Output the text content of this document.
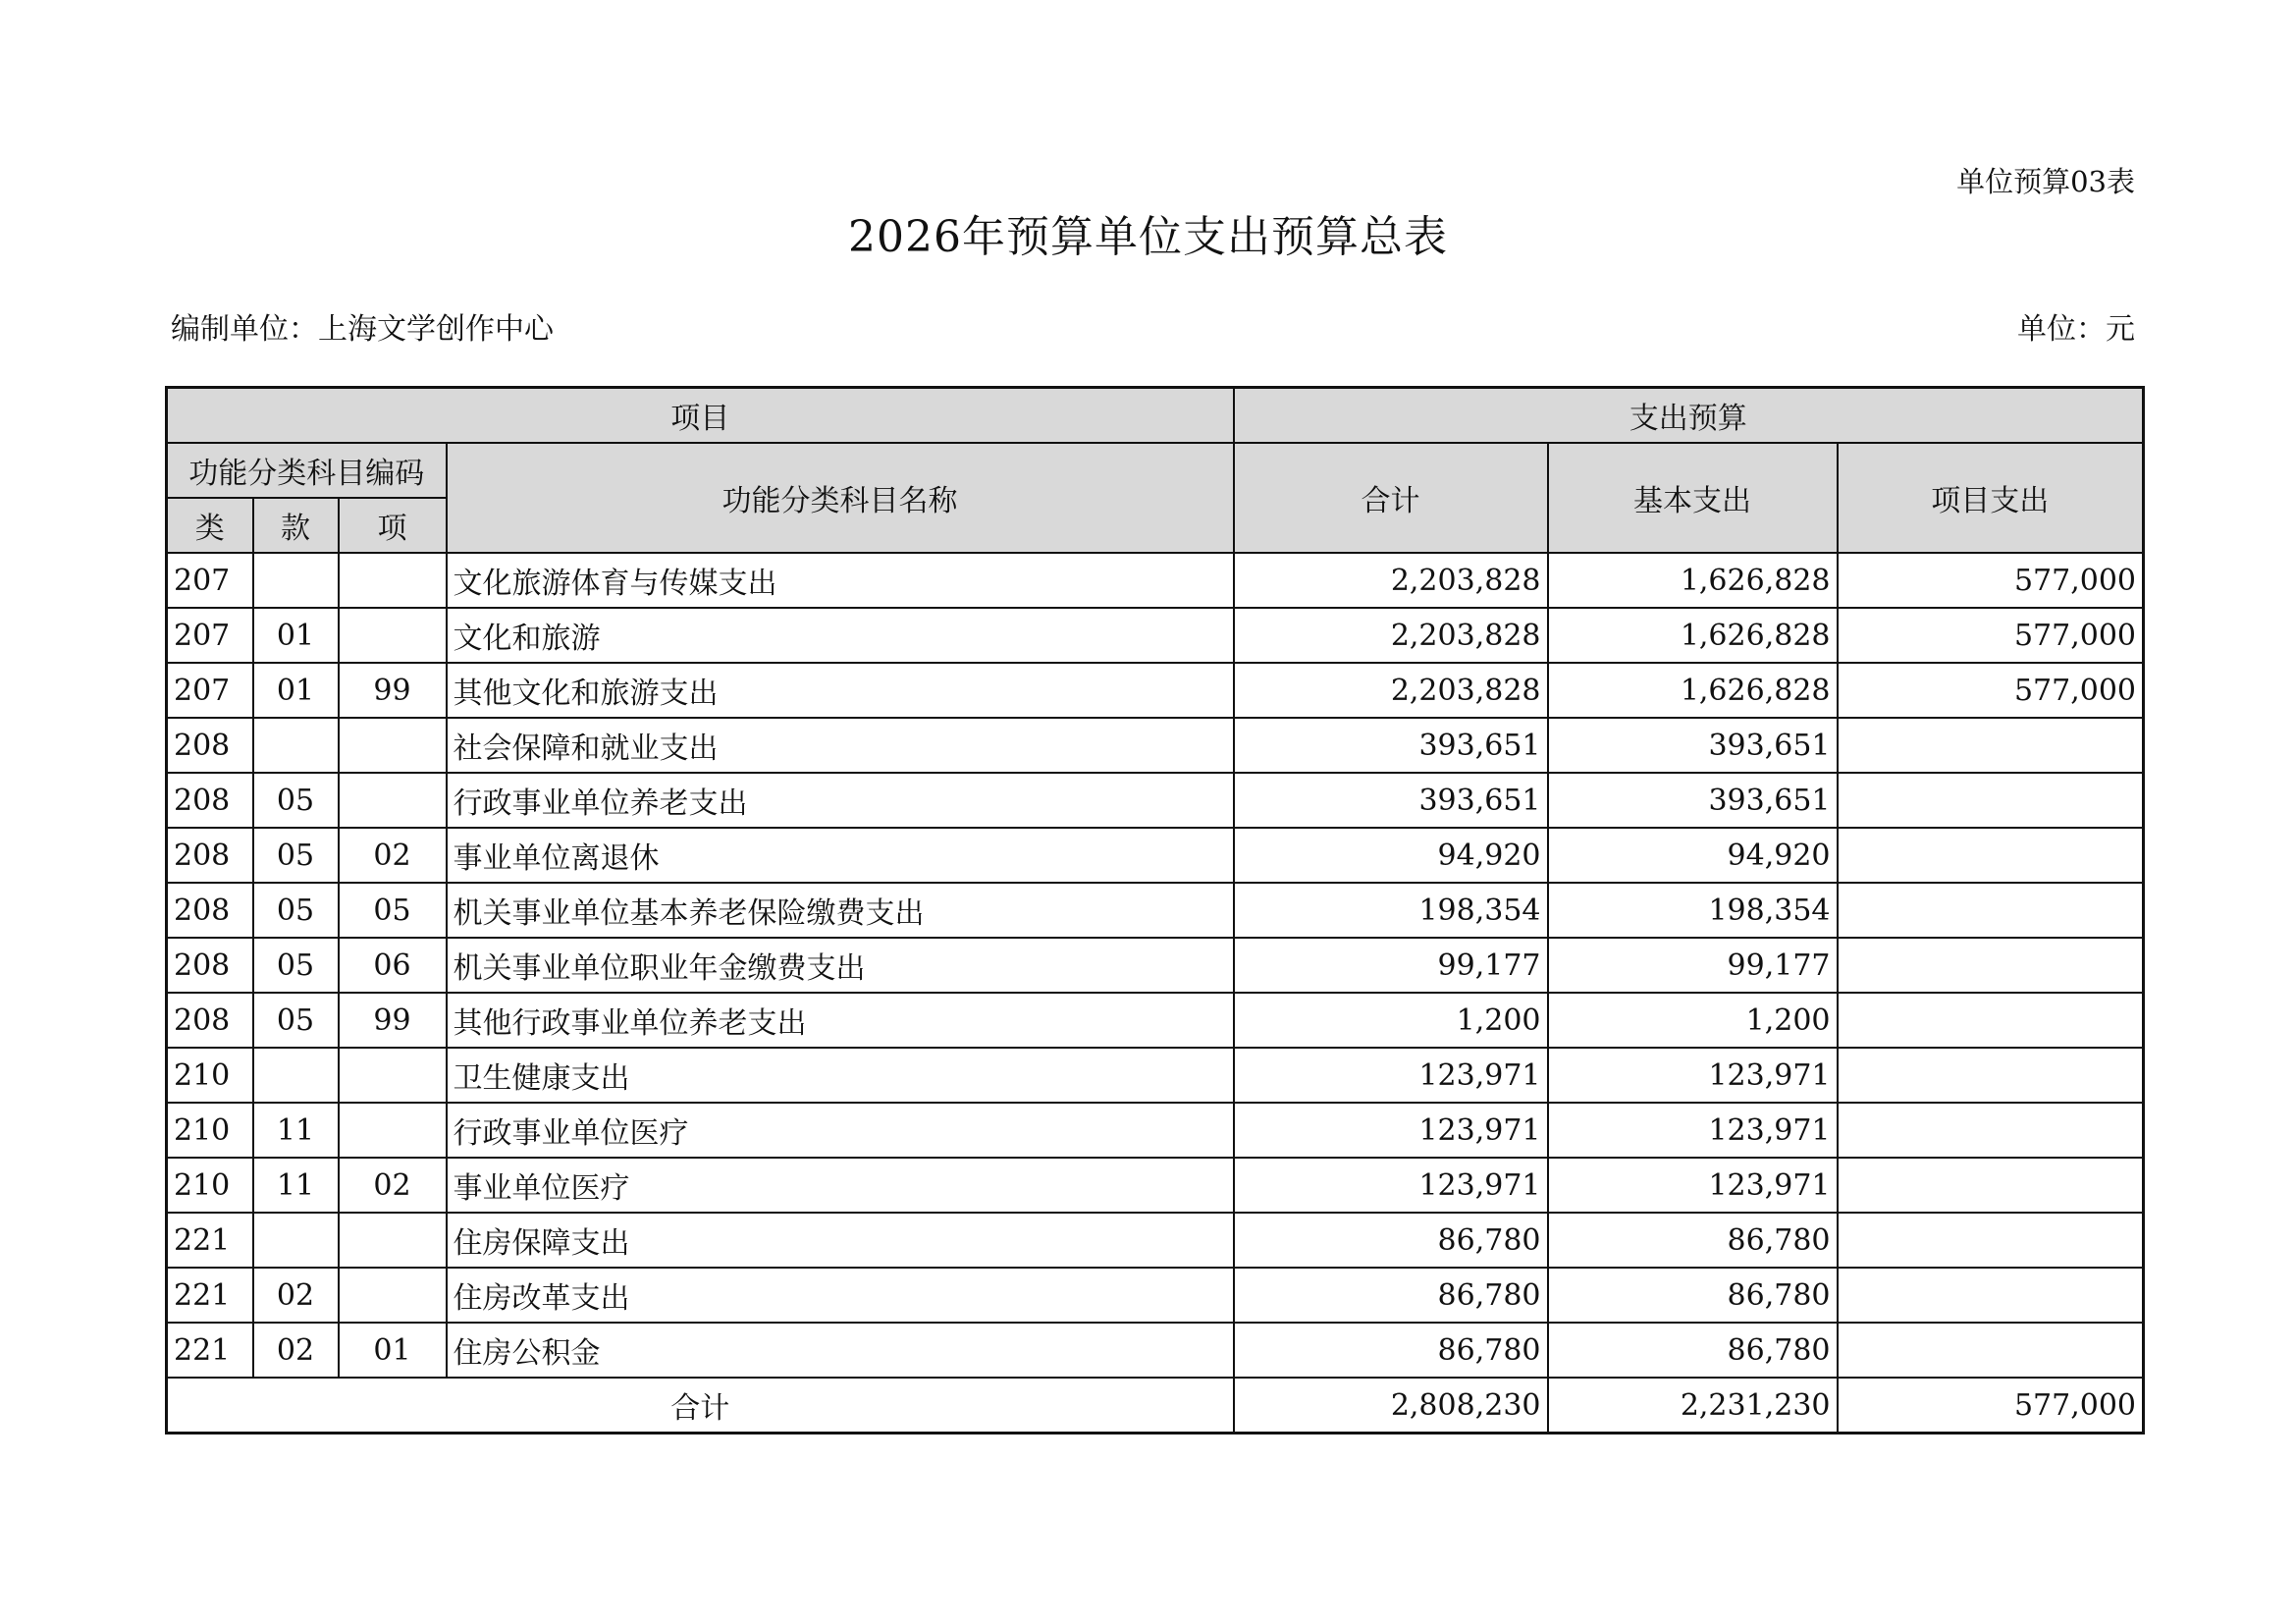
单位预算03表
2026年预算单位支出预算总表
编制单位：上海文学创作中心	单位：元
项目				支出预算		
功能分类科目编码			功能分类科目名称	合计	基本支出	项目支出
类	款	项				
207			文化旅游体育与传媒支出	2,203,828	1,626,828	577,000
207	01		文化和旅游	2,203,828	1,626,828	577,000
207	01	99	其他文化和旅游支出	2,203,828	1,626,828	577,000
208			社会保障和就业支出	393,651	393,651	
208	05		行政事业单位养老支出	393,651	393,651	
208	05	02	事业单位离退休	94,920	94,920	
208	05	05	机关事业单位基本养老保险缴费支出	198,354	198,354	
208	05	06	机关事业单位职业年金缴费支出	99,177	99,177	
208	05	99	其他行政事业单位养老支出	1,200	1,200	
210			卫生健康支出	123,971	123,971	
210	11		行政事业单位医疗	123,971	123,971	
210	11	02	事业单位医疗	123,971	123,971	
221			住房保障支出	86,780	86,780	
221	02		住房改革支出	86,780	86,780	
221	02	01	住房公积金	86,780	86,780	
合计				2,808,230	2,231,230	577,000
